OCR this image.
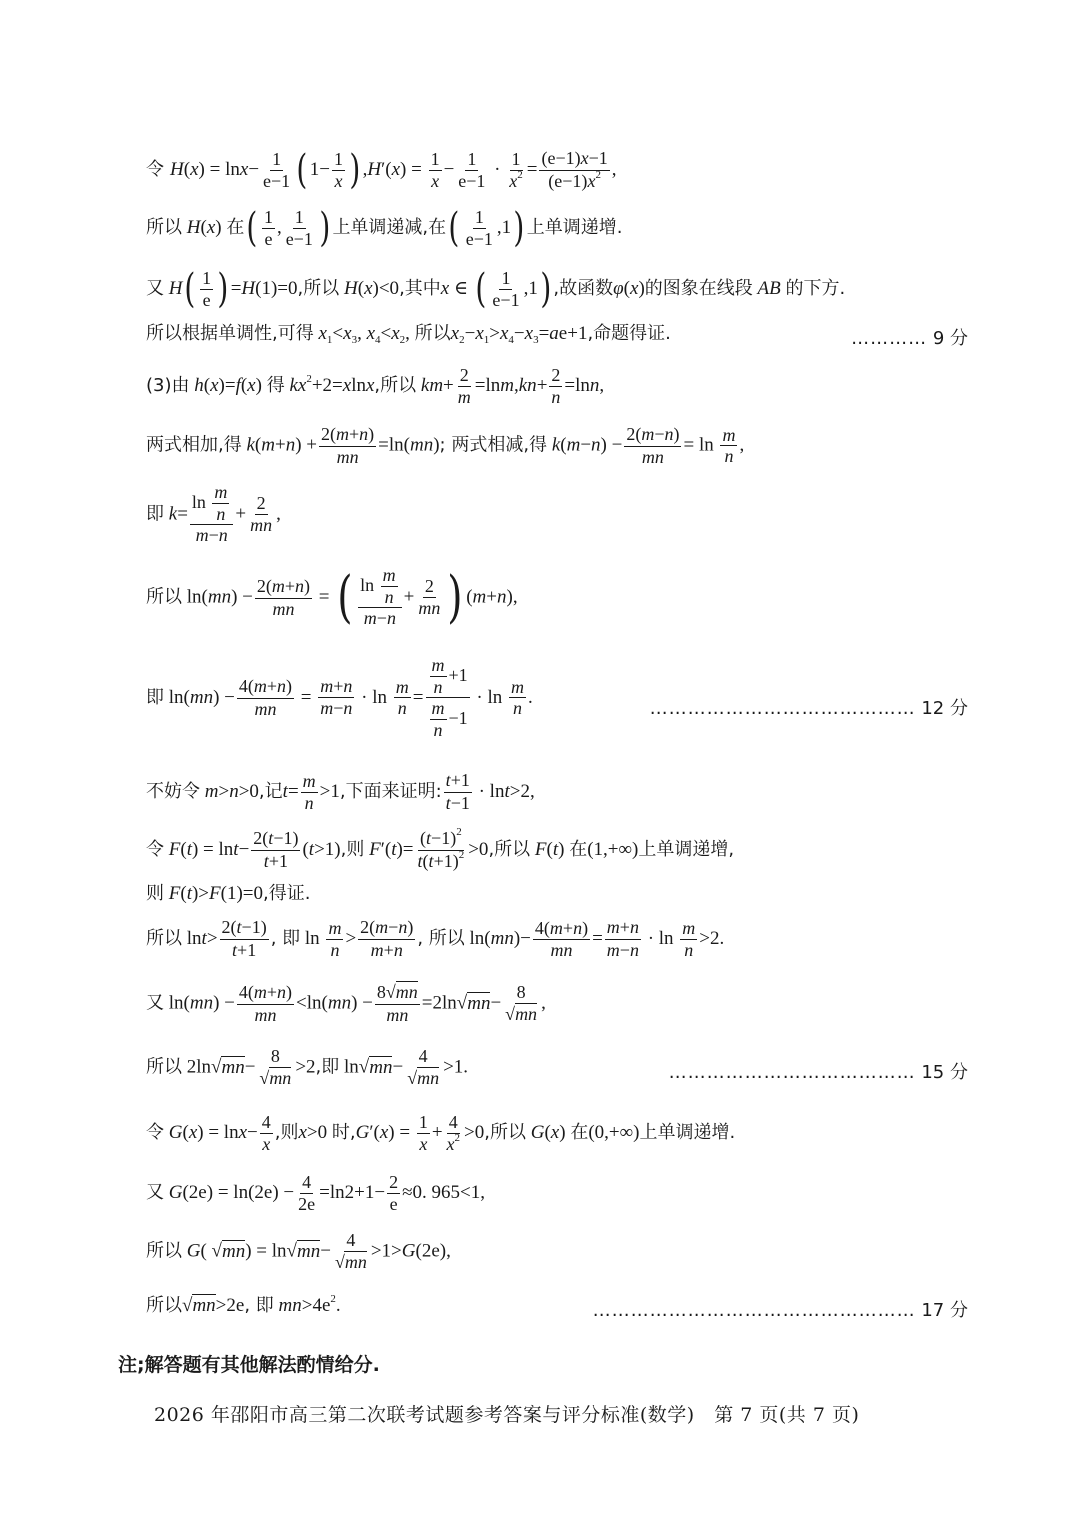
令 $H(x) = \ln x- \frac{1}{e-1}$ ( $1- \frac{1}{x}$ ) $,H'(x) = \frac{1}{x} - \frac{1}{e-1} \cdot \frac{1}{x^2} = \frac{(e-1)x-1}{(e-1)x^2}$ ,
所以 H(x) 在( $\frac{1}{e}$ , $\frac{1}{e-1}$ ) 上单调递减,在( $\frac{1}{e-1} ,1$) 上单调递增.
又 $H( \frac{1}{e}$ ) =H(1)=0,所以 H(x)<0,其中x ∈ ( $\frac{1}{e-1} ,1$) ,故函数φ(x)的图象在线段 AB 的下方.
所以根据单调性,可得 $x_1<x_3$, $x_4<x_2$, 所以$x_2-x_1>x_4-x_3=ae+1$,命题得证.	………… 9 分
(3)由 h(x)=f(x) 得 $kx^2+2=xlnx$,所以 $km+ \frac{2}{m} =\ln m,kn+ \frac{2}{n} =\ln n$,
两式相加,得 $k(m+n) + \frac{2(m+n)}{mn} =\ln(mn)$; 两式相减,得 $k(m-n) - \frac{2(m-n)}{mn} = \ln \frac{m}{n}$ ,
即 $k= \frac{\ln \frac{m}{n}}{m-n} + \frac{2}{mn}$ ,
所以 $\ln(mn) - \frac{2(m+n)}{mn}$ = ( $\frac{\ln \frac{m}{n}}{m-n} + \frac{2}{mn}$ ) (m+n),
即 $\ln(mn) - \frac{4(m+n)}{mn} = \frac{m+n}{m-n} \cdot \ln \frac{m}{n} = \frac{\frac{m}{n} +1}{\frac{m}{n} -1} \cdot \ln \frac{m}{n}$ .
…………………………………… 12 分
不妨令 m>n>0,记$t= \frac{m}{n} >1$,下面来证明: $\frac{t+1}{t-1} \cdot \ln t>2$,
令 $F(t) = \ln t- \frac{2(t-1)}{t+1} (t>1)$,则 $F'(t)= \frac{(t-1)^2}{t(t+1)^2} >0$,所以 F(t) 在(1,+∞)上单调递增,
则 F(t)>F(1)=0,得证.
所以 $\ln t> \frac{2(t-1)}{t+1}$ , 即 $\ln \frac{m}{n} > \frac{2(m-n)}{m+n}$ , 所以 $\ln(mn)- \frac{4(m+n)}{mn} = \frac{m+n}{m-n} \cdot \ln \frac{m}{n} >2$.
又 $\ln(mn) - \frac{4(m+n)}{mn} <\ln(mn) - \frac{8√mn}{mn} =2\ln√mn- \frac{8}{√mn}$ ,
所以 $2\ln√mn- \frac{8}{√mn} >2$,即 $\ln√mn- \frac{4}{√mn} >1$.	………………………………… 15 分
令 $G(x) = \ln x- \frac{4}{x}$ ,则x>0 时$,G'(x) = \frac{1}{x} + \frac{4}{x^2} >0$,所以 G(x) 在(0,+∞)上单调递增.
又 $G(2e) = \ln(2e) - \frac{4}{2e} =\ln 2+1- \frac{2}{e} \approx 0$. 965<1,
所以 G( $√mn) = \ln√mn- \frac{4}{√mn} >1>G(2e)$,
所以√mn>2e, 即 $mn>4e^2$.	…………………………………………… 17 分
注;解答题有其他解法酌情给分.
2026 年邵阳市高三第二次联考试题参考答案与评分标准(数学)　第 7 页(共 7 页)
